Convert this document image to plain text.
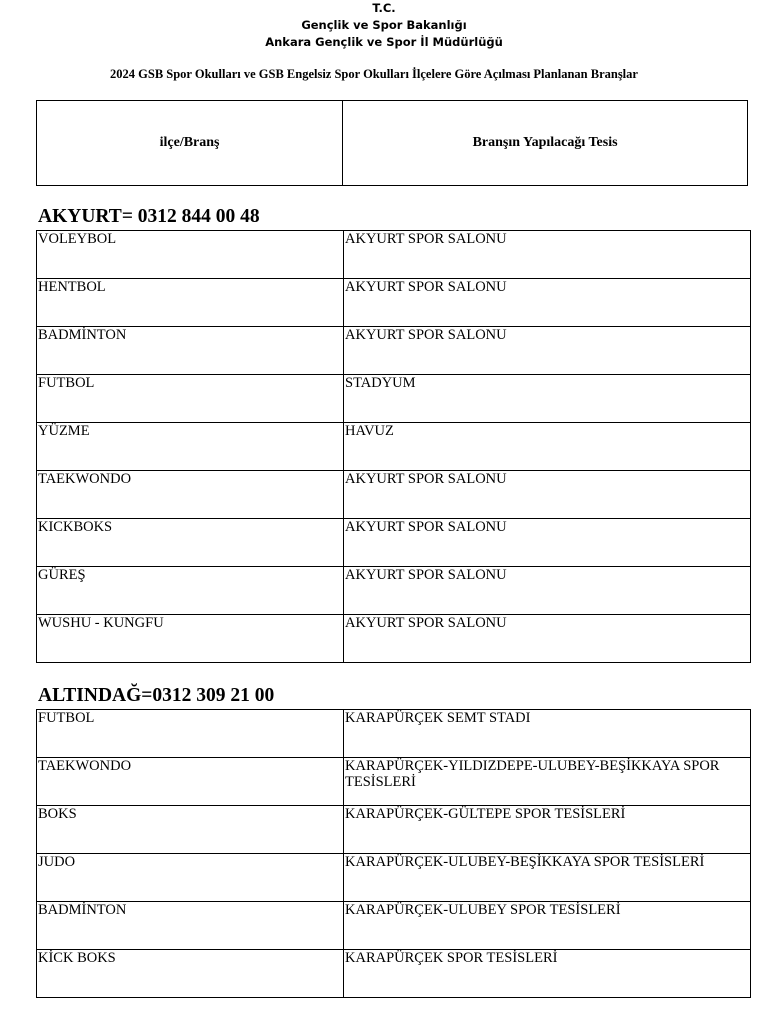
T.C.
Gençlik ve Spor Bakanlığı
Ankara Gençlik ve Spor İl Müdürlüğü
2024 GSB Spor Okulları ve GSB Engelsiz Spor Okulları İlçelere Göre Açılması Planlanan Branşlar
ilçe/Branş	Branşın Yapılacağı Tesis
AKYURT= 0312 844 00 48
VOLEYBOL	AKYURT SPOR SALONU
HENTBOL	AKYURT SPOR SALONU
BADMİNTON	AKYURT SPOR SALONU
FUTBOL	STADYUM
YÜZME	HAVUZ
TAEKWONDO	AKYURT SPOR SALONU
KICKBOKS	AKYURT SPOR SALONU
GÜREŞ	AKYURT SPOR SALONU
WUSHU - KUNGFU	AKYURT SPOR SALONU
ALTINDAĞ=0312 309 21 00
FUTBOL	KARAPÜRÇEK SEMT STADI
TAEKWONDO	KARAPÜRÇEK-YILDIZDEPE-ULUBEY-BEŞİKKAYA SPOR TESİSLERİ
BOKS	KARAPÜRÇEK-GÜLTEPE SPOR TESİSLERİ
JUDO	KARAPÜRÇEK-ULUBEY-BEŞİKKAYA SPOR TESİSLERİ
BADMİNTON	KARAPÜRÇEK-ULUBEY SPOR TESİSLERİ
KİCK BOKS	KARAPÜRÇEK SPOR TESİSLERİ
